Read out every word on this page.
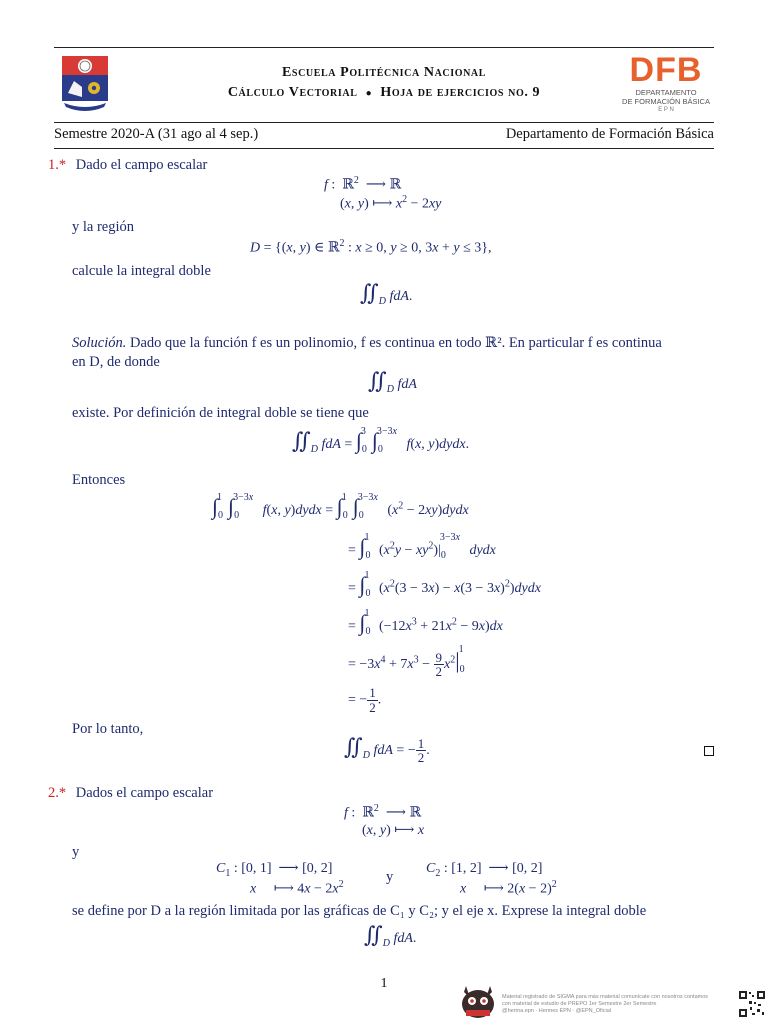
Escuela Politécnica Nacional
Cálculo Vectorial ● Hoja de ejercicios no. 9
DFB
DEPARTAMENTO
DE FORMACIÓN BÁSICA
E P N
Semestre 2020-A (31 ago al 4 sep.)	Departamento de Formación Básica
1.* Dado el campo escalar
f :  ℝ$^2$  ⟶ ℝ
(x, y) ⟼ $x^2 - 2xy$
y la región
D = {(x, y) ∈ ℝ$^2$ : x ≥ 0, y ≥ 0, 3x + y ≤ 3},
calcule la integral doble
$∬_D$ fdA.
Solución. Dado que la función f es un polinomio, f es continua en todo ℝ². En particular f es continua
en D, de donde
$∬_D$ fdA
existe. Por definición de integral doble se tiene que
$∬_D$ fdA = $\int_0^3$ $\int_0^{3-3x}$ f(x, y)dydx.
Entonces
$\int_0^1$ $\int_0^{3-3x}$ f(x, y)dydx = $\int_0^1$ $\int_0^{3-3x}$ ($x^2$ − 2xy)dydx
= $\int_0^1$ $(x^2y - xy^2)|_0^{3-3x}$ dydx
= $\int_0^1$ ($x^2(3 - 3x) - x(3$ − $3x)^2)dydx$
= $\int_0^1$ $(-12x^3 + 21x^2 - 9x)dx$
= $-3x^4 + 7x^3 - \frac{9}{2} x^2|_0^1$
= − $\frac{1}{2}$ .
Por lo tanto,
$∬_D$ fdA = − $\frac{1}{2}$ .
2.* Dados el campo escalar
f :  ℝ$^2$  ⟶ ℝ
(x, y) ⟼ x
y
$C_1$ : [0, 1]  ⟶ [0, 2]
x     ⟼ $4x - 2x^2$	y
$C_2$ : [1, 2]  ⟶ [0, 2]
x     ⟼ $2(x - 2)^2$
se define por D a la región limitada por las gráficas de C₁ y C₂; y el eje x. Exprese la integral doble
$∬_D$ fdA.
1
Material registrado de SIGMA para más material comunícate con nosotros contamos
con material de estudio de PREPO 1er Semestre 2er Semestre
@herma.epn · Hermes EPN · @EPN_Oficial
